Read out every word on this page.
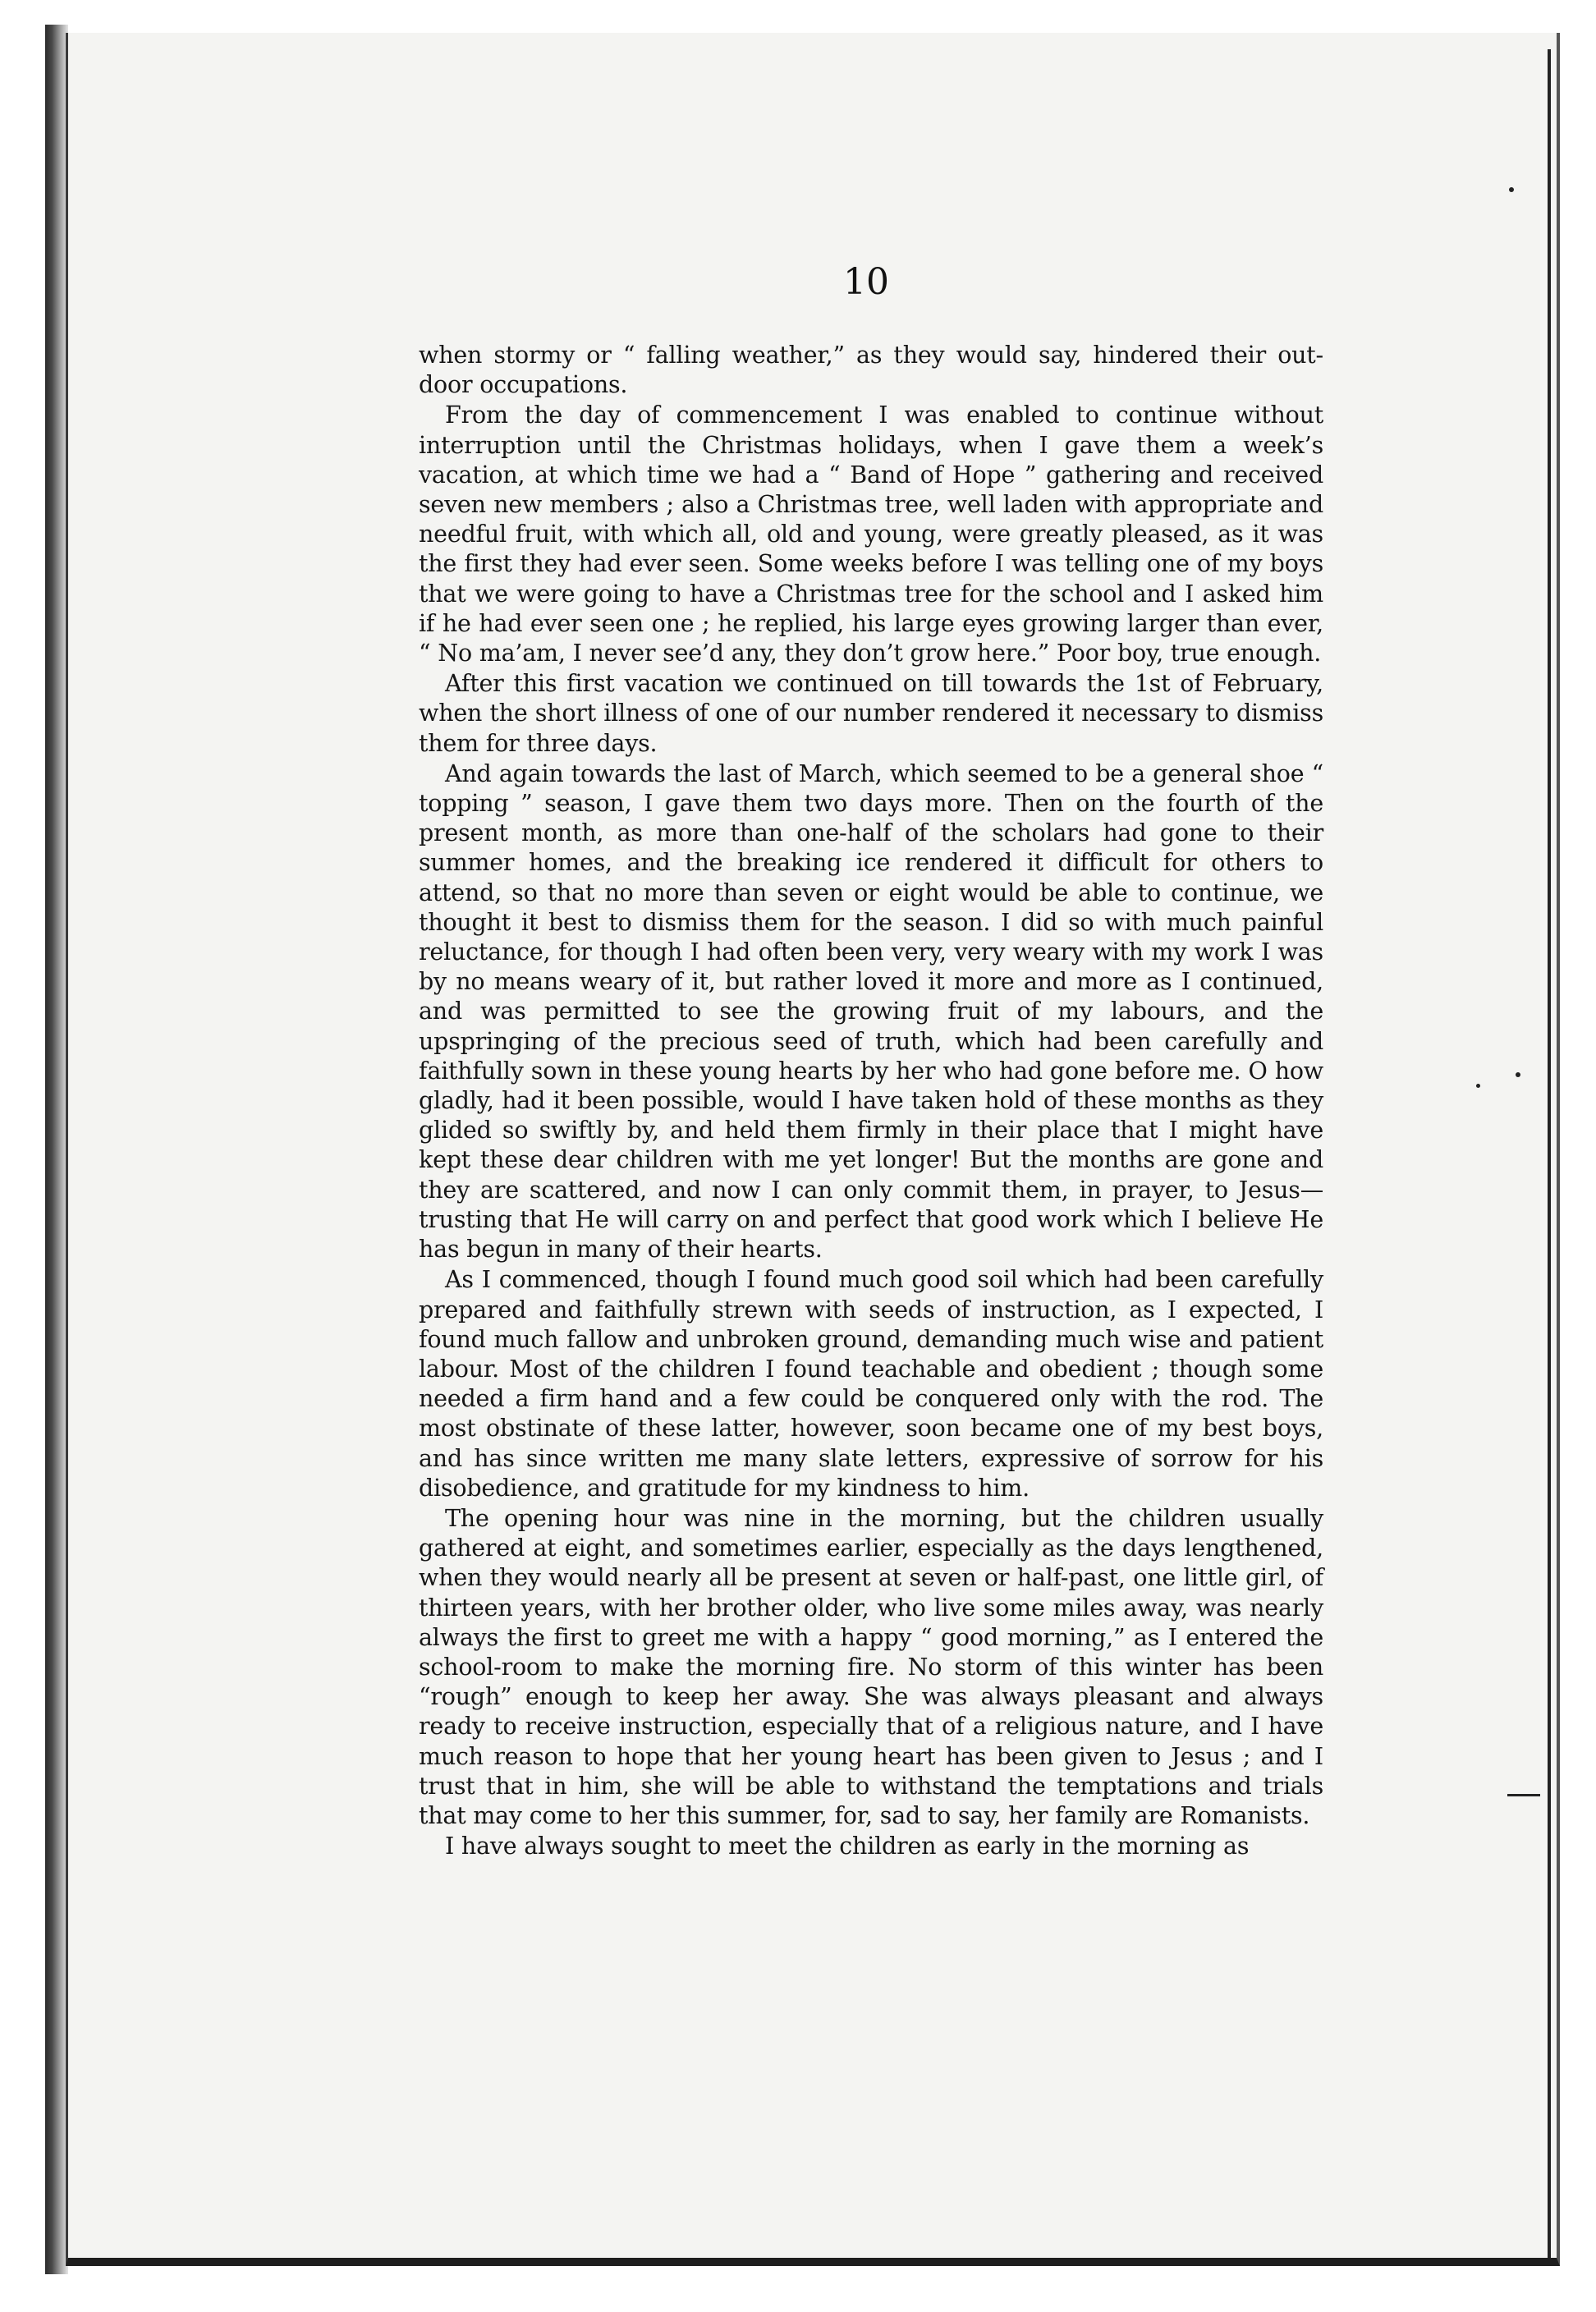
10

when stormy or “ falling weather,” as they would say, hindered their out-door occupations.

From the day of commencement I was enabled to continue without interruption until the Christmas holidays, when I gave them a week’s vacation, at which time we had a “ Band of Hope ” gathering and received seven new members ; also a Christmas tree, well laden with appropriate and needful fruit, with which all, old and young, were greatly pleased, as it was the first they had ever seen. Some weeks before I was telling one of my boys that we were going to have a Christmas tree for the school and I asked him if he had ever seen one ; he replied, his large eyes growing larger than ever, “ No ma’am, I never see’d any, they don’t grow here.” Poor boy, true enough.

After this first vacation we continued on till towards the 1st of February, when the short illness of one of our number rendered it necessary to dismiss them for three days.

And again towards the last of March, which seemed to be a general shoe “ topping ” season, I gave them two days more. Then on the fourth of the present month, as more than one-half of the scholars had gone to their summer homes, and the breaking ice rendered it difficult for others to attend, so that no more than seven or eight would be able to continue, we thought it best to dismiss them for the season. I did so with much painful reluctance, for though I had often been very, very weary with my work I was by no means weary of it, but rather loved it more and more as I continued, and was permitted to see the growing fruit of my labours, and the upspringing of the precious seed of truth, which had been carefully and faithfully sown in these young hearts by her who had gone before me. O how gladly, had it been possible, would I have taken hold of these months as they glided so swiftly by, and held them firmly in their place that I might have kept these dear children with me yet longer! But the months are gone and they are scattered, and now I can only commit them, in prayer, to Jesus—trusting that He will carry on and perfect that good work which I believe He has begun in many of their hearts.

As I commenced, though I found much good soil which had been carefully prepared and faithfully strewn with seeds of instruction, as I expected, I found much fallow and unbroken ground, demanding much wise and patient labour. Most of the children I found teachable and obedient ; though some needed a firm hand and a few could be conquered only with the rod. The most obstinate of these latter, however, soon became one of my best boys, and has since written me many slate letters, expressive of sorrow for his disobedience, and gratitude for my kindness to him.

The opening hour was nine in the morning, but the children usually gathered at eight, and sometimes earlier, especially as the days lengthened, when they would nearly all be present at seven or half-past, one little girl, of thirteen years, with her brother older, who live some miles away, was nearly always the first to greet me with a happy “ good morning,” as I entered the school-room to make the morning fire. No storm of this winter has been “rough” enough to keep her away. She was always pleasant and always ready to receive instruction, especially that of a religious nature, and I have much reason to hope that her young heart has been given to Jesus ; and I trust that in him, she will be able to withstand the temptations and trials that may come to her this summer, for, sad to say, her family are Romanists.

I have always sought to meet the children as early in the morning as
